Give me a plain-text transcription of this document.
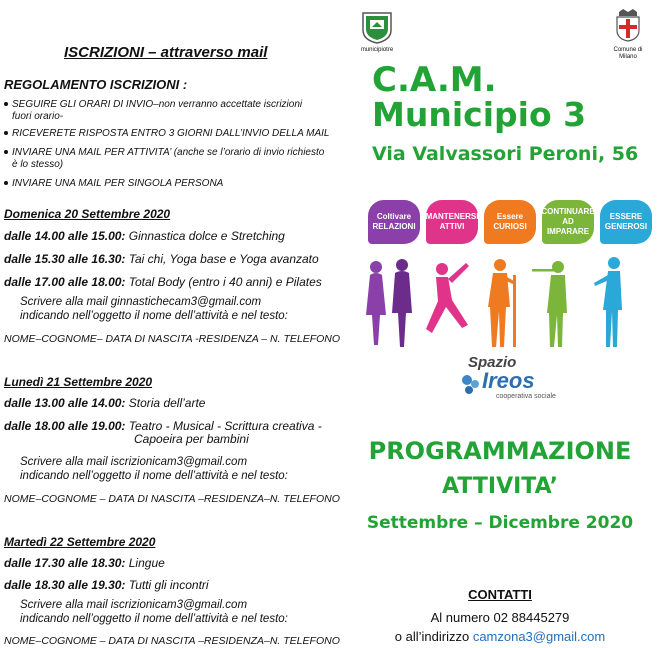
ISCRIZIONI – attraverso mail
REGOLAMENTO ISCRIZIONI :
SEGUIRE GLI ORARI DI INVIO–non verranno accettate iscrizioni
fuori orario-
RICEVERETE RISPOSTA ENTRO 3 GIORNI DALL’INVIO DELLA MAIL
INVIARE UNA MAIL PER ATTIVITA’ (anche se l’orario di invio richiesto
è lo stesso)
INVIARE UNA MAIL PER SINGOLA PERSONA
Domenica 20 Settembre 2020
dalle 14.00 alle 15.00: Ginnastica dolce e Stretching
dalle 15.30 alle 16.30: Tai chi, Yoga base e Yoga avanzato
dalle 17.00 alle 18.00: Total Body (entro i 40 anni) e Pilates
Scrivere alla mail ginnastichecam3@gmail.com
indicando nell’oggetto il nome dell’attività e nel testo:
NOME–COGNOME– DATA DI NASCITA -RESIDENZA – N. TELEFONO
Lunedì 21 Settembre 2020
dalle 13.00 alle 14.00: Storia dell’arte
dalle 18.00 alle 19.00: Teatro - Musical - Scrittura creativa -
Capoeira per bambini
Scrivere alla mail iscrizionicam3@gmail.com
indicando nell’oggetto il nome dell’attività e nel testo:
NOME–COGNOME – DATA DI NASCITA –RESIDENZA–N. TELEFONO
Martedì 22 Settembre 2020
dalle 17.30 alle 18.30: Lingue
dalle 18.30 alle 19.30: Tutti gli incontri
Scrivere alla mail iscrizionicam3@gmail.com
indicando nell’oggetto il nome dell’attività e nel testo:
NOME–COGNOME – DATA DI NASCITA –RESIDENZA–N. TELEFONO
municipiotre	Comune di Milano
C.A.M.
Municipio 3
Via Valvassori Peroni, 56
Coltivare RELAZIONI
MANTENERSI ATTIVI
Essere CURIOSI
CONTINUARE AD IMPARARE
ESSERE GENEROSI
Spazio
Ireos
cooperativa sociale
PROGRAMMAZIONE
ATTIVITA’
Settembre – Dicembre 2020
CONTATTI
Al numero 02 88445279
o all’indirizzo camzona3@gmail.com
